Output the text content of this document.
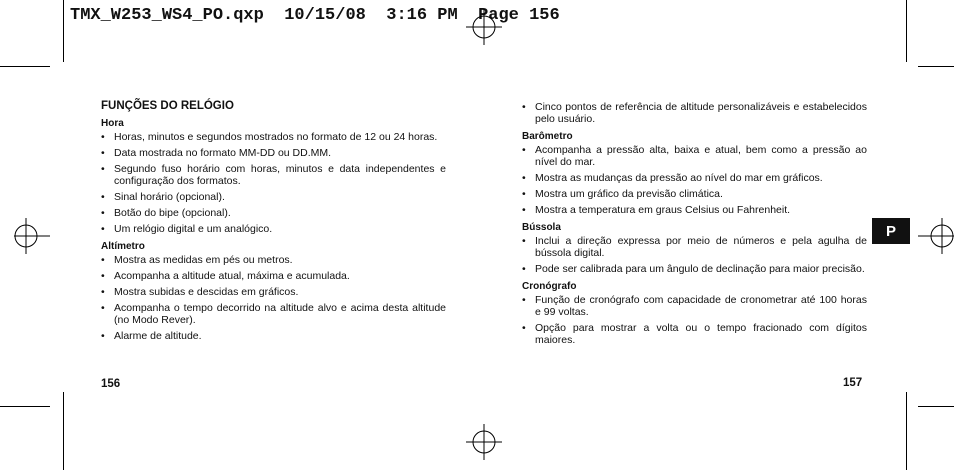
TMX_W253_WS4_PO.qxp  10/15/08  3:16 PM  Page 156
FUNÇÕES DO RELÓGIO
Hora
• Horas, minutos e segundos mostrados no formato de 12 ou 24 horas.
• Data mostrada no formato MM-DD ou DD.MM.
• Segundo fuso horário com horas, minutos e data independentes e configuração dos formatos.
• Sinal horário (opcional).
• Botão do bipe (opcional).
• Um relógio digital e um analógico.
Altímetro
• Mostra as medidas em pés ou metros.
• Acompanha a altitude atual, máxima e acumulada.
• Mostra subidas e descidas em gráficos.
• Acompanha o tempo decorrido na altitude alvo e acima desta altitude (no Modo Rever).
• Alarme de altitude.
• Cinco pontos de referência de altitude personalizáveis e estabelecidos pelo usuário.
Barômetro
• Acompanha a pressão alta, baixa e atual, bem como a pressão ao nível do mar.
• Mostra as mudanças da pressão ao nível do mar em gráficos.
• Mostra um gráfico da previsão climática.
• Mostra a temperatura em graus Celsius ou Fahrenheit.
Bússola
• Inclui a direção expressa por meio de números e pela agulha de bússola digital.
• Pode ser calibrada para um ângulo de declinação para maior precisão.
Cronógrafo
• Função de cronógrafo com capacidade de cronometrar até 100 horas e 99 voltas.
• Opção para mostrar a volta ou o tempo fracionado com dígitos maiores.
156	157
P
